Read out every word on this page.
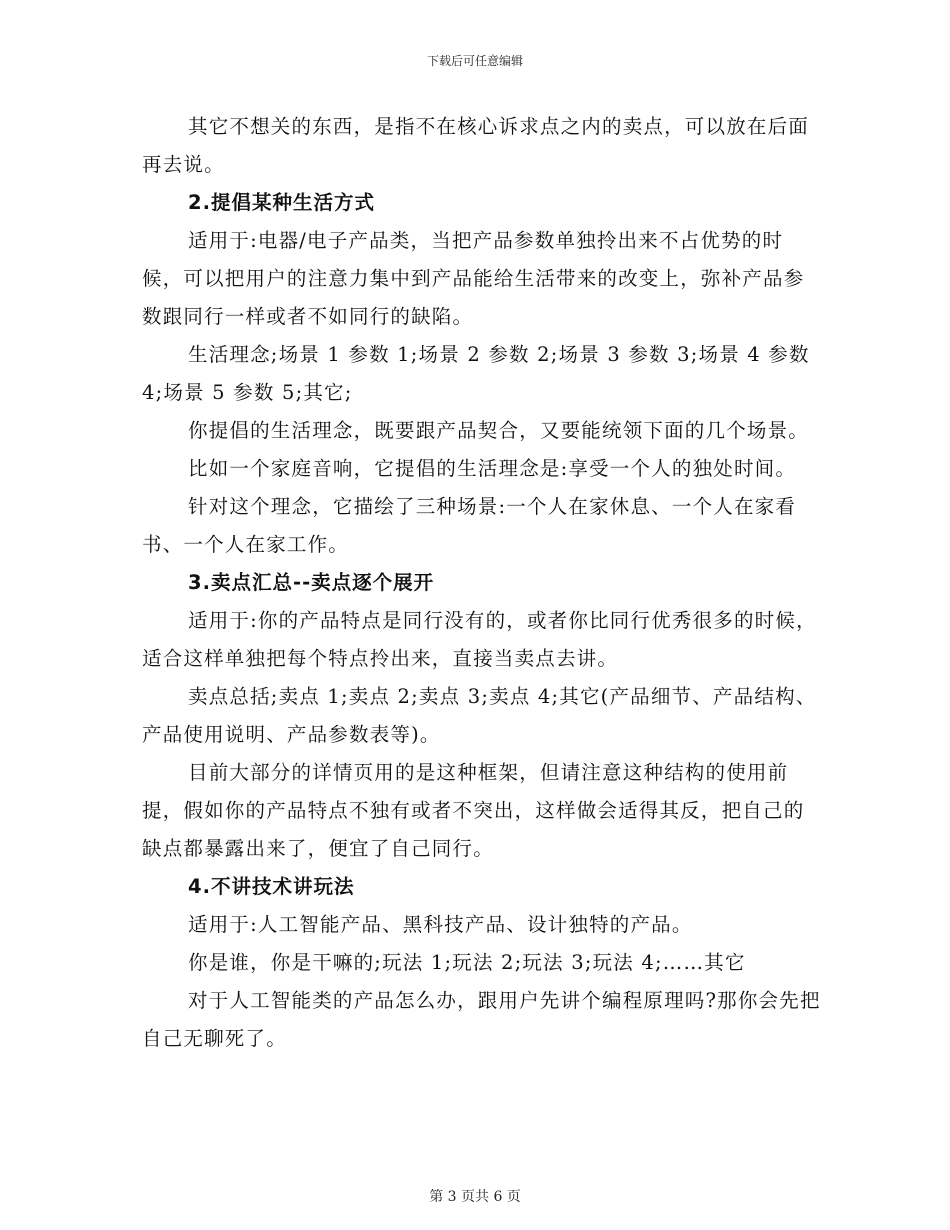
下载后可任意编辑

其它不想关的东西，是指不在核心诉求点之内的卖点，可以放在后面再去说。

2.提倡某种生活方式

适用于:电器/电子产品类，当把产品参数单独拎出来不占优势的时候，可以把用户的注意力集中到产品能给生活带来的改变上，弥补产品参数跟同行一样或者不如同行的缺陷。

生活理念;场景 1 参数 1;场景 2 参数 2;场景 3 参数 3;场景 4 参数 4;场景 5 参数 5;其它;

你提倡的生活理念，既要跟产品契合，又要能统领下面的几个场景。

比如一个家庭音响，它提倡的生活理念是:享受一个人的独处时间。

针对这个理念，它描绘了三种场景:一个人在家休息、一个人在家看书、一个人在家工作。

3.卖点汇总--卖点逐个展开

适用于:你的产品特点是同行没有的，或者你比同行优秀很多的时候，适合这样单独把每个特点拎出来，直接当卖点去讲。

卖点总括;卖点 1;卖点 2;卖点 3;卖点 4;其它(产品细节、产品结构、产品使用说明、产品参数表等)。

目前大部分的详情页用的是这种框架，但请注意这种结构的使用前提，假如你的产品特点不独有或者不突出，这样做会适得其反，把自己的缺点都暴露出来了，便宜了自己同行。

4.不讲技术讲玩法

适用于:人工智能产品、黑科技产品、设计独特的产品。

你是谁，你是干嘛的;玩法 1;玩法 2;玩法 3;玩法 4;……其它

对于人工智能类的产品怎么办，跟用户先讲个编程原理吗?那你会先把自己无聊死了。

第 3 页共 6 页
